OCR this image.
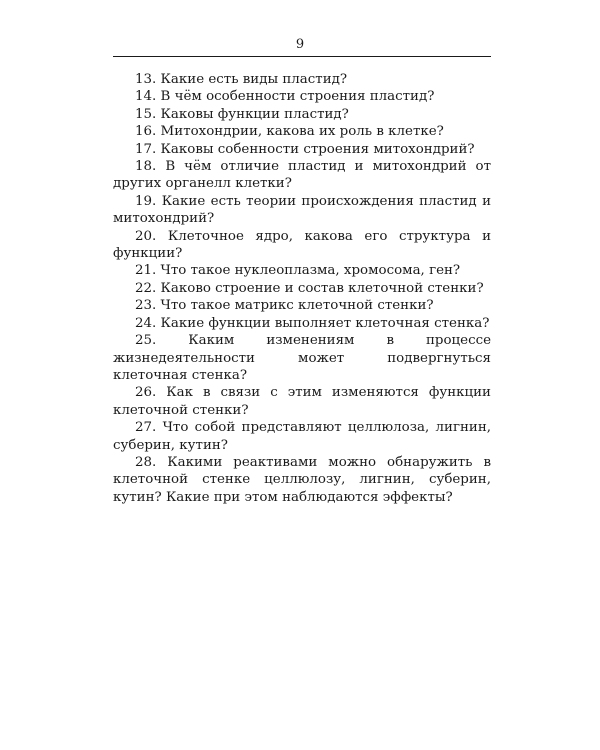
9
13. Какие есть виды пластид?
14. В чём особенности строения пластид?
15. Каковы функции пластид?
16. Митохондрии, какова их роль в клетке?
17. Каковы собенности строения митохондрий?
18. В чём отличие пластид и митохондрий от других органелл клетки?
19. Какие есть теории происхождения пластид и митохондрий?
20. Клеточное ядро, какова его структура и функции?
21. Что такое нуклеоплазма, хромосома, ген?
22. Каково строение и состав клеточной стенки?
23. Что такое матрикс клеточной стенки?
24. Какие функции выполняет клеточная стенка?
25. Каким изменениям в процессе жизнедеятельности может подвергнуться клеточная стенка?
26. Как в связи с этим изменяются функции клеточной стенки?
27. Что собой представляют целлюлоза, лигнин, суберин, кутин?
28. Какими реактивами можно обнаружить в клеточной стенке целлюлозу, лигнин, суберин, кутин? Какие при этом наблюдаются эффекты?
